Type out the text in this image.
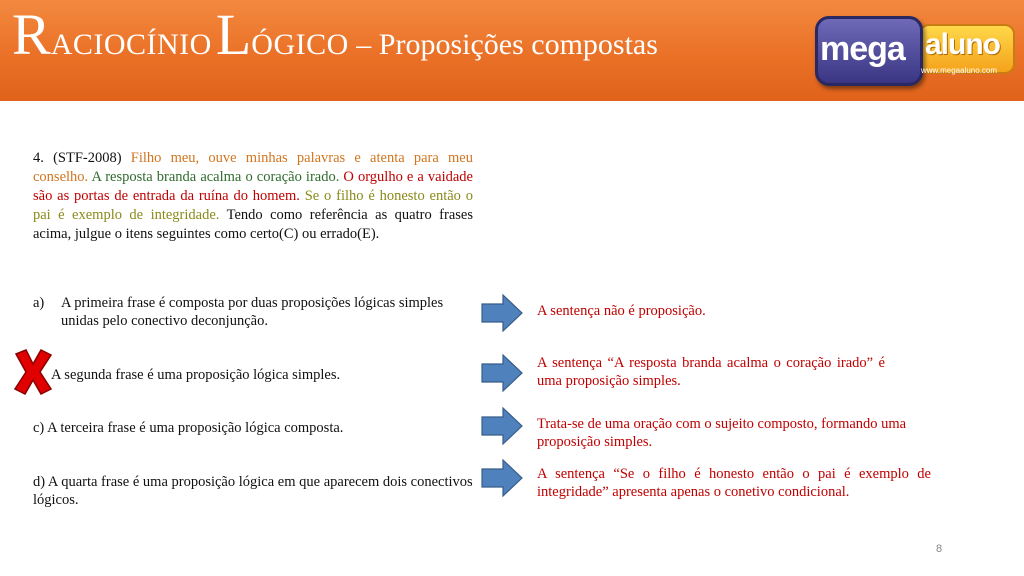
RACIOCÍNIO LÓGICO – Proposições compostas	mega aluno
www.megaaluno.com
4. (STF-2008) Filho meu, ouve minhas palavras e atenta para meu conselho. A resposta branda acalma o coração irado. O orgulho e a vaidade são as portas de entrada da ruína do homem. Se o filho é honesto então o pai é exemplo de integridade. Tendo como referência as quatro frases acima, julgue o itens seguintes como certo(C) ou errado(E).
a)	A primeira frase é composta por duas proposições lógicas simples unidas pelo conectivo deconjunção.
A segunda frase é uma proposição lógica simples.
c) A terceira frase é uma proposição lógica composta.
d) A quarta frase é uma proposição lógica em que aparecem dois conectivos lógicos.
A sentença não é proposição.
A sentença “A resposta branda acalma o coração irado” é uma proposição simples.
Trata-se de uma oração com o sujeito composto, formando uma proposição simples.
A sentença “Se o filho é honesto então o pai é exemplo de integridade” apresenta apenas o conetivo condicional.
8
